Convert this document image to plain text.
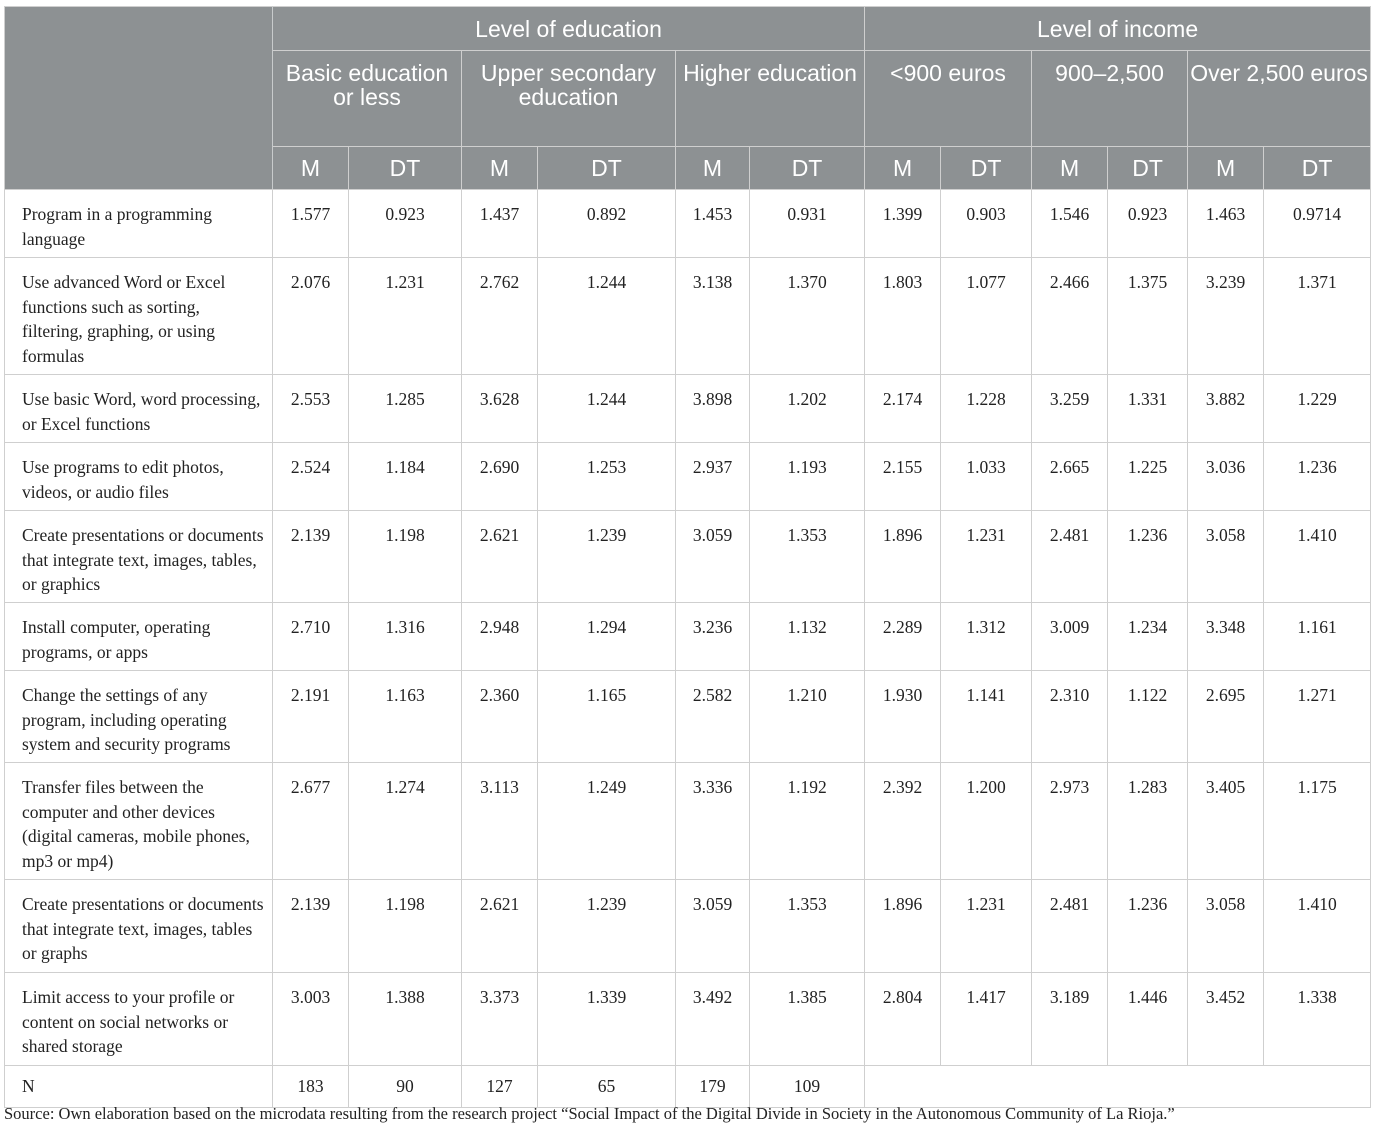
	Level of education						Level of income					
	Basic education or less		Upper secondary education		Higher education		<900 euros		900–2,500		Over 2,500 euros	
	M	DT	M	DT	M	DT	M	DT	M	DT	M	DT
Program in a programming language	1.577	0.923	1.437	0.892	1.453	0.931	1.399	0.903	1.546	0.923	1.463	0.9714
Use advanced Word or Excel functions such as sorting, filtering, graphing, or using formulas	2.076	1.231	2.762	1.244	3.138	1.370	1.803	1.077	2.466	1.375	3.239	1.371
Use basic Word, word processing, or Excel functions	2.553	1.285	3.628	1.244	3.898	1.202	2.174	1.228	3.259	1.331	3.882	1.229
Use programs to edit photos, videos, or audio files	2.524	1.184	2.690	1.253	2.937	1.193	2.155	1.033	2.665	1.225	3.036	1.236
Create presentations or documents that integrate text, images, tables, or graphics	2.139	1.198	2.621	1.239	3.059	1.353	1.896	1.231	2.481	1.236	3.058	1.410
Install computer, operating programs, or apps	2.710	1.316	2.948	1.294	3.236	1.132	2.289	1.312	3.009	1.234	3.348	1.161
Change the settings of any program, including operating system and security programs	2.191	1.163	2.360	1.165	2.582	1.210	1.930	1.141	2.310	1.122	2.695	1.271
Transfer files between the computer and other devices (digital cameras, mobile phones, mp3 or mp4)	2.677	1.274	3.113	1.249	3.336	1.192	2.392	1.200	2.973	1.283	3.405	1.175
Create presentations or documents that integrate text, images, tables or graphs	2.139	1.198	2.621	1.239	3.059	1.353	1.896	1.231	2.481	1.236	3.058	1.410
Limit access to your profile or content on social networks or shared storage	3.003	1.388	3.373	1.339	3.492	1.385	2.804	1.417	3.189	1.446	3.452	1.338
N	183	90	127	65	179	109						
Source: Own elaboration based on the microdata resulting from the research project “Social Impact of the Digital Divide in Society in the Autonomous Community of La Rioja.”
